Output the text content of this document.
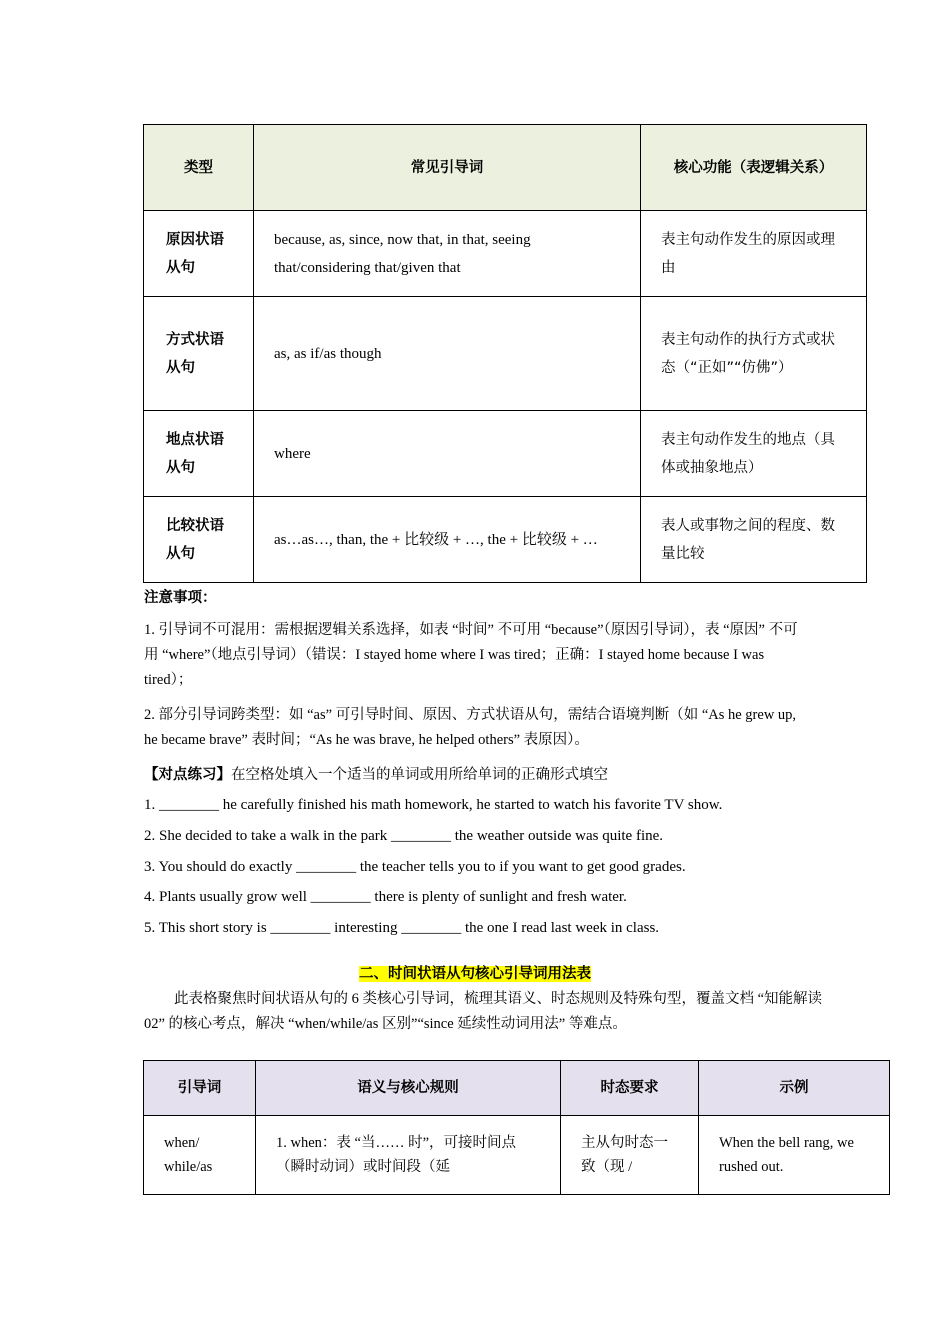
类型	常见引导词	核心功能（表逻辑关系）
原因状语从句	because, as, since, now that, in that, seeing that/considering that/given that	表主句动作发生的原因或理由
方式状语从句	as, as if/as though	表主句动作的执行方式或状态（“正如”“仿佛”）
地点状语从句	where	表主句动作发生的地点（具体或抽象地点）
比较状语从句	as…as…, than, the + 比较级 + …, the + 比较级 + …	表人或事物之间的程度、数量比较
注意事项：
1. 引导词不可混用：需根据逻辑关系选择，如表 “时间” 不可用 “because”（原因引导词），表 “原因” 不可用 “where”（地点引导词）（错误：I stayed home where I was tired；正确：I stayed home because I was tired）；
2. 部分引导词跨类型：如 “as” 可引导时间、原因、方式状语从句，需结合语境判断（如 “As he grew up, he became brave” 表时间；“As he was brave, he helped others” 表原因）。
【对点练习】在空格处填入一个适当的单词或用所给单词的正确形式填空
1. ________ he carefully finished his math homework, he started to watch his favorite TV show.
2. She decided to take a walk in the park ________ the weather outside was quite fine.
3. You should do exactly ________ the teacher tells you to if you want to get good grades.
4. Plants usually grow well ________ there is plenty of sunlight and fresh water.
5. This short story is ________ interesting ________ the one I read last week in class.
二、时间状语从句核心引导词用法表
此表格聚焦时间状语从句的 6 类核心引导词，梳理其语义、时态规则及特殊句型，覆盖文档 “知能解读 02” 的核心考点，解决 “when/while/as 区别”“since 延续性动词用法” 等难点。
引导词	语义与核心规则	时态要求	示例
when/ while/as	1. when：表 “当…… 时”，可接时间点（瞬时动词）或时间段（延	主从句时态一致（现 /	When the bell rang, we rushed out.
